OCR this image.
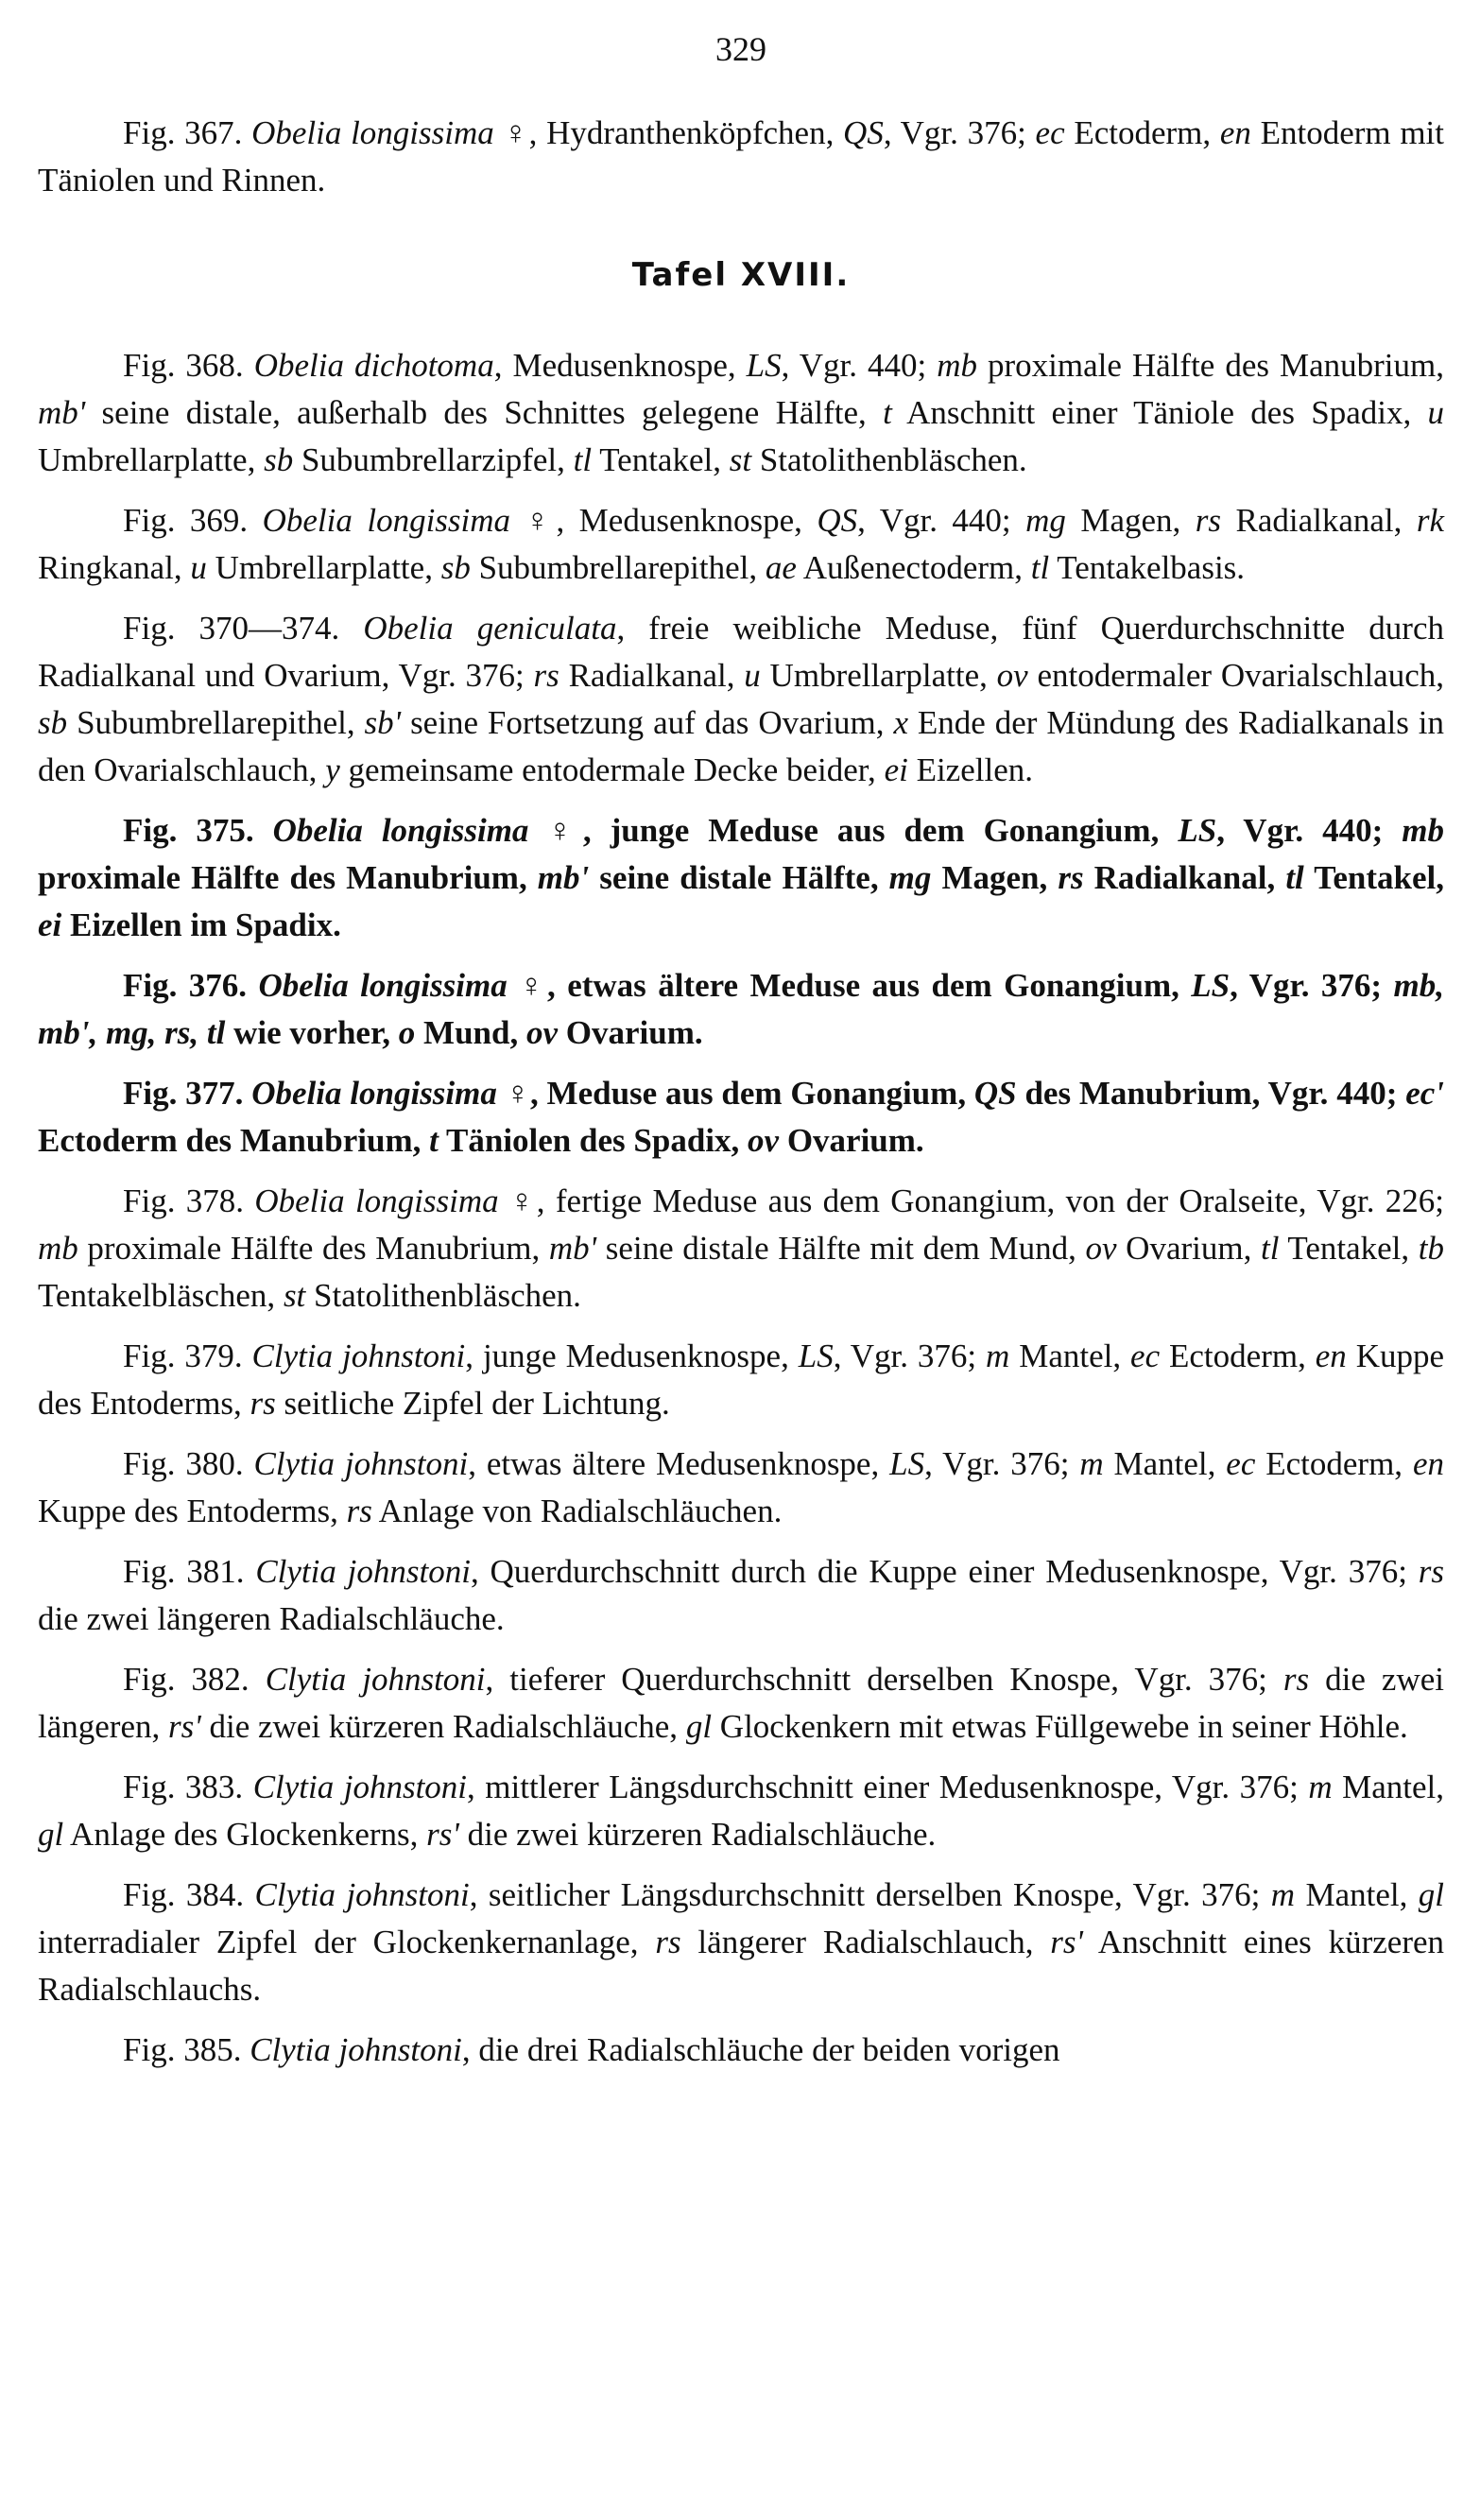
329

Fig. 367. Obelia longissima ♀, Hydranthenköpfchen, QS, Vgr. 376; ec Ectoderm, en Entoderm mit Täniolen und Rinnen.

Tafel XVIII.

Fig. 368. Obelia dichotoma, Medusenknospe, LS, Vgr. 440; mb proximale Hälfte des Manubrium, mb' seine distale, außerhalb des Schnittes gelegene Hälfte, t Anschnitt einer Täniole des Spadix, u Umbrellarplatte, sb Subumbrellarzipfel, tl Tentakel, st Statolithenbläschen.

Fig. 369. Obelia longissima ♀, Medusenknospe, QS, Vgr. 440; mg Magen, rs Radialkanal, rk Ringkanal, u Umbrellarplatte, sb Subumbrellarepithel, ae Außenectoderm, tl Tentakelbasis.

Fig. 370—374. Obelia geniculata, freie weibliche Meduse, fünf Querdurchschnitte durch Radialkanal und Ovarium, Vgr. 376; rs Radialkanal, u Umbrellarplatte, ov entodermaler Ovarialschlauch, sb Subumbrellarepithel, sb' seine Fortsetzung auf das Ovarium, x Ende der Mündung des Radialkanals in den Ovarialschlauch, y gemeinsame entodermale Decke beider, ei Eizellen.

Fig. 375. Obelia longissima ♀, junge Meduse aus dem Gonangium, LS, Vgr. 440; mb proximale Hälfte des Manubrium, mb' seine distale Hälfte, mg Magen, rs Radialkanal, tl Tentakel, ei Eizellen im Spadix.

Fig. 376. Obelia longissima ♀, etwas ältere Meduse aus dem Gonangium, LS, Vgr. 376; mb, mb', mg, rs, tl wie vorher, o Mund, ov Ovarium.

Fig. 377. Obelia longissima ♀, Meduse aus dem Gonangium, QS des Manubrium, Vgr. 440; ec' Ectoderm des Manubrium, t Täniolen des Spadix, ov Ovarium.

Fig. 378. Obelia longissima ♀, fertige Meduse aus dem Gonangium, von der Oralseite, Vgr. 226; mb proximale Hälfte des Manubrium, mb' seine distale Hälfte mit dem Mund, ov Ovarium, tl Tentakel, tb Tentakelbläschen, st Statolithenbläschen.

Fig. 379. Clytia johnstoni, junge Medusenknospe, LS, Vgr. 376; m Mantel, ec Ectoderm, en Kuppe des Entoderms, rs seitliche Zipfel der Lichtung.

Fig. 380. Clytia johnstoni, etwas ältere Medusenknospe, LS, Vgr. 376; m Mantel, ec Ectoderm, en Kuppe des Entoderms, rs Anlage von Radialschläuchen.

Fig. 381. Clytia johnstoni, Querdurchschnitt durch die Kuppe einer Medusenknospe, Vgr. 376; rs die zwei längeren Radialschläuche.

Fig. 382. Clytia johnstoni, tieferer Querdurchschnitt derselben Knospe, Vgr. 376; rs die zwei längeren, rs' die zwei kürzeren Radialschläuche, gl Glockenkern mit etwas Füllgewebe in seiner Höhle.

Fig. 383. Clytia johnstoni, mittlerer Längsdurchschnitt einer Medusenknospe, Vgr. 376; m Mantel, gl Anlage des Glockenkerns, rs' die zwei kürzeren Radialschläuche.

Fig. 384. Clytia johnstoni, seitlicher Längsdurchschnitt derselben Knospe, Vgr. 376; m Mantel, gl interradialer Zipfel der Glockenkernanlage, rs längerer Radialschlauch, rs' Anschnitt eines kürzeren Radialschlauchs.

Fig. 385. Clytia johnstoni, die drei Radialschläuche der beiden vorigen
